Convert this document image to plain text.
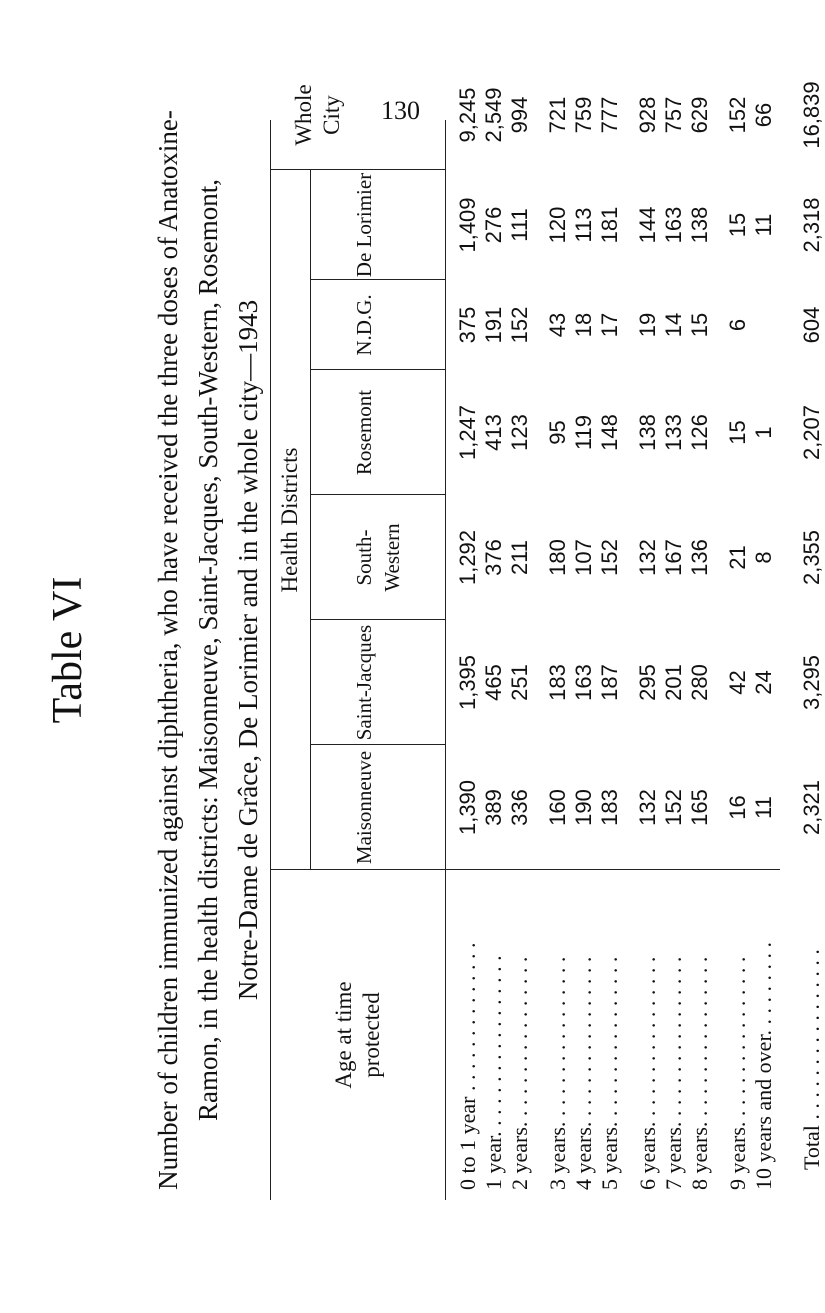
130
Table VI Number of children immunized against diphtheria, who have received the three doses of Anatoxine- Ramon, in the health districts: Maisonneuve, Saint-Jacques, South-Western, Rosemont, Notre-Dame de Grâce, De Lorimier and in the whole city—1943
Age at time protected
Health Districts
Maisonneuve
Saint-Jacques
South- Western
Rosemont
N.D.G.
De Lorimier
Whole City
0 to 1 year . . . . . . . . . . . . . .
1,390
1,395
1,292
1,247
375
1,409
9,245
1 year. . . . . . . . . . . . . . . . .
389
465
376
413
191
276
2,549
2 years. . . . . . . . . . . . . . . .
336
251
211
123
152
111
994
3 years. . . . . . . . . . . . . . . .
160
183
180
95
43
120
721
4 years. . . . . . . . . . . . . . . .
190
163
107
119
18
113
759
5 years. . . . . . . . . . . . . . . .
183
187
152
148
17
181
777
6 years. . . . . . . . . . . . . . . .
132
295
132
138
19
144
928
7 years. . . . . . . . . . . . . . . .
152
201
167
133
14
163
757
8 years. . . . . . . . . . . . . . . .
165
280
136
126
15
138
629
9 years. . . . . . . . . . . . . . . .
16
42
21
15
6
15
152
10 years and over. . . . . . . . .
11
24
8
1
11
66
Total . . . . . . . . . . . . . . . .
2,321
3,295
2,355
2,207
604
2,318
16,839
